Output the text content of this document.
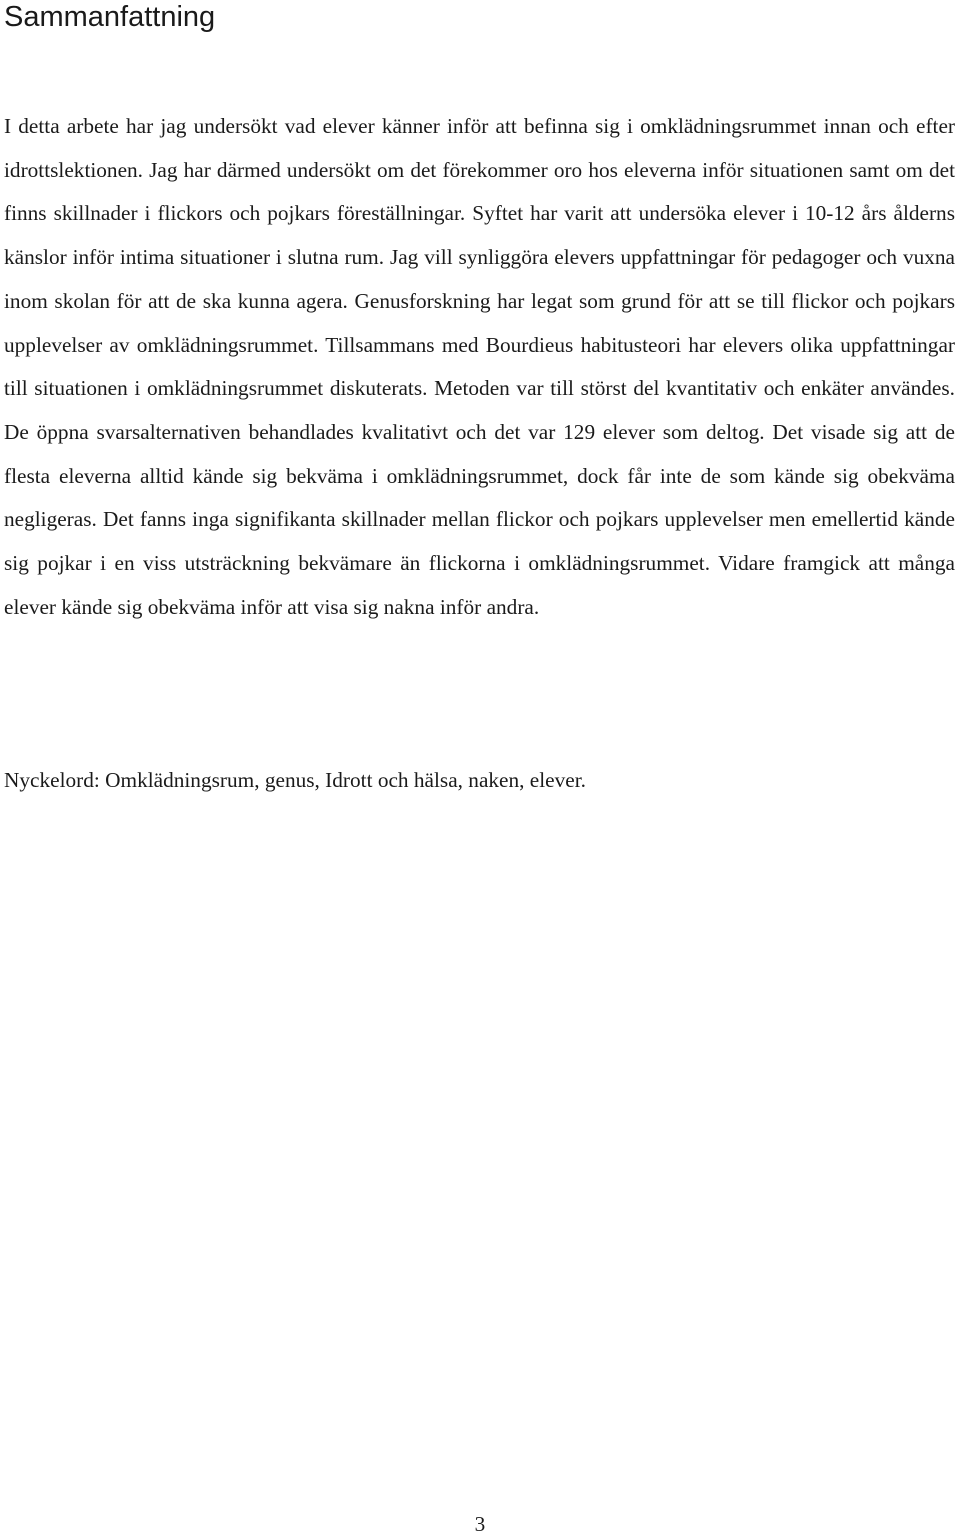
Sammanfattning

I detta arbete har jag undersökt vad elever känner inför att befinna sig i omklädningsrummet innan och efter idrottslektionen. Jag har därmed undersökt om det förekommer oro hos eleverna inför situationen samt om det finns skillnader i flickors och pojkars föreställningar. Syftet har varit att undersöka elever i 10-12 års ålderns känslor inför intima situationer i slutna rum. Jag vill synliggöra elevers uppfattningar för pedagoger och vuxna inom skolan för att de ska kunna agera. Genusforskning har legat som grund för att se till flickor och pojkars upplevelser av omklädningsrummet. Tillsammans med Bourdieus habitusteori har elevers olika uppfattningar till situationen i omklädningsrummet diskuterats. Metoden var till störst del kvantitativ och enkäter användes. De öppna svarsalternativen behandlades kvalitativt och det var 129 elever som deltog. Det visade sig att de flesta eleverna alltid kände sig bekväma i omklädningsrummet, dock får inte de som kände sig obekväma negligeras. Det fanns inga signifikanta skillnader mellan flickor och pojkars upplevelser men emellertid kände sig pojkar i en viss utsträckning bekvämare än flickorna i omklädningsrummet. Vidare framgick att många elever kände sig obekväma inför att visa sig nakna inför andra.

Nyckelord: Omklädningsrum, genus, Idrott och hälsa, naken, elever.

3
